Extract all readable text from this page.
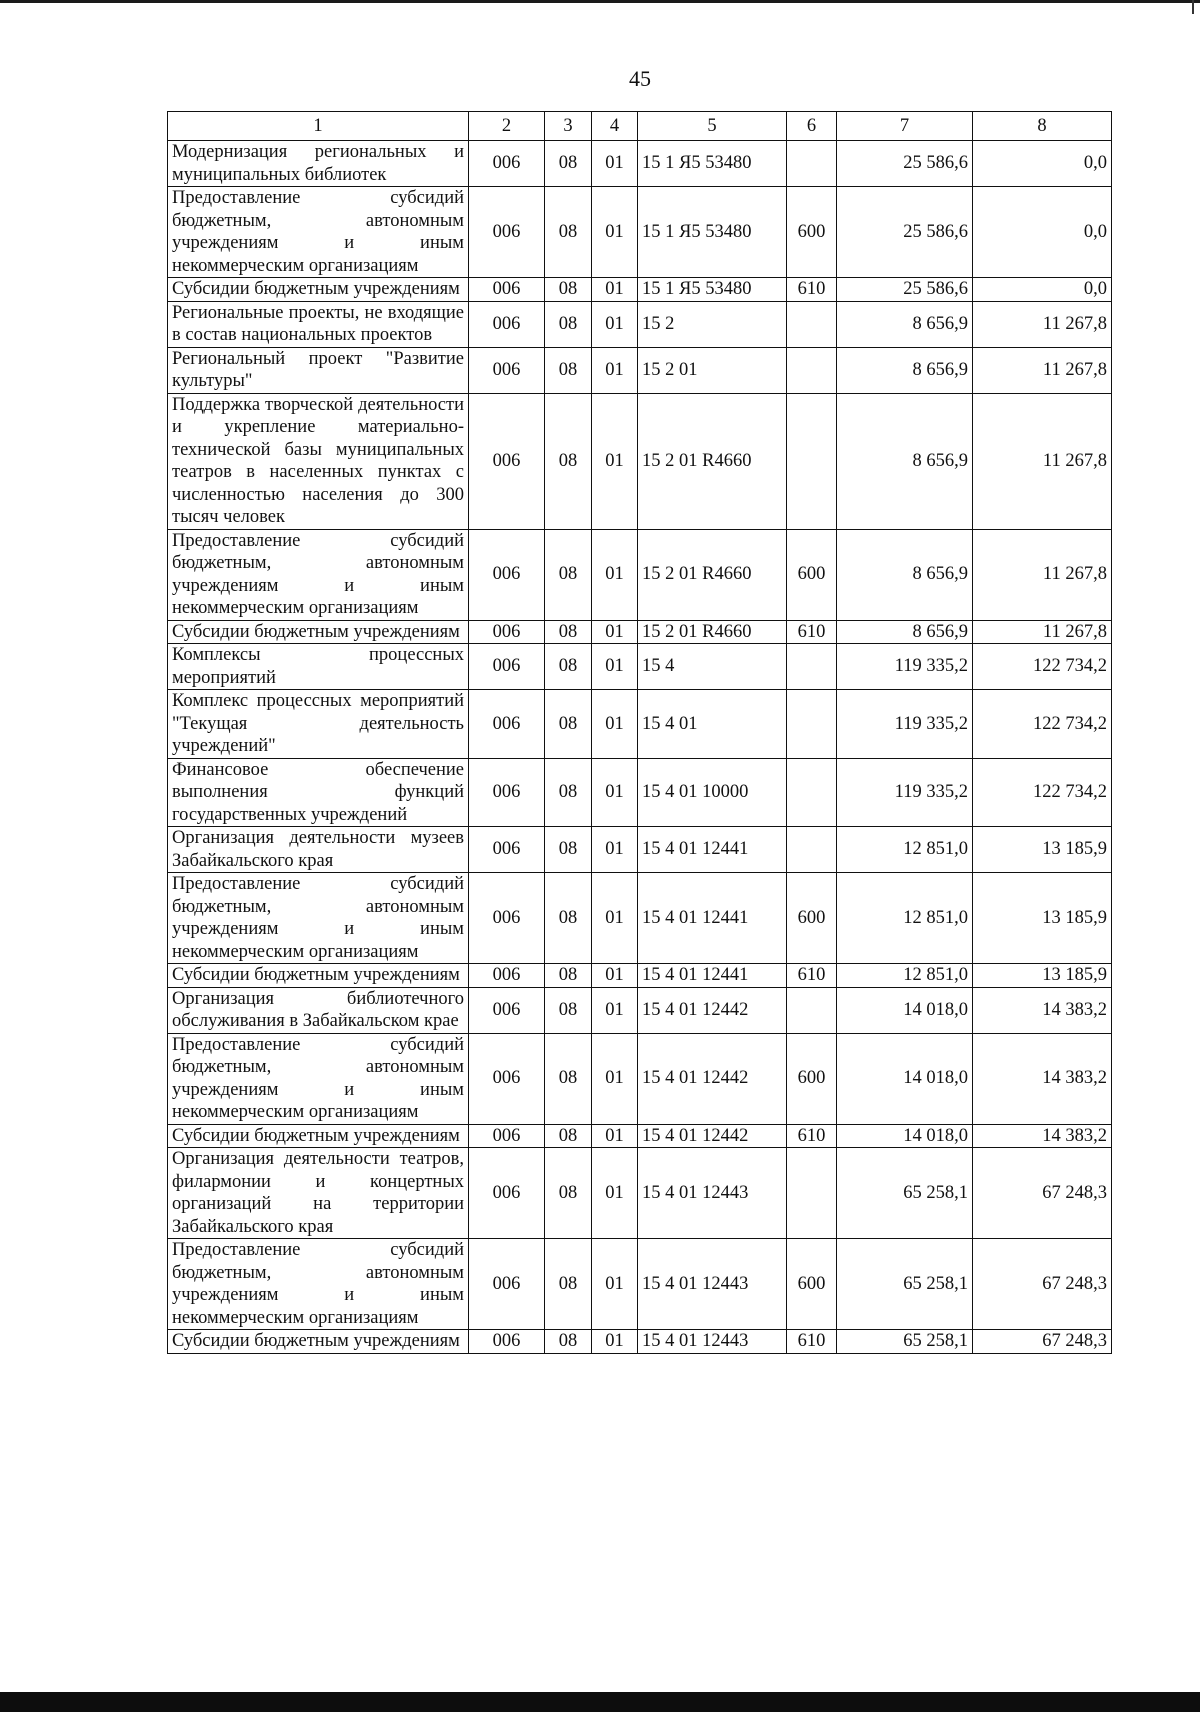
45
1	2	3	4	5	6	7	8
Модернизация региональных и муниципальных библиотек	006	08	01	15 1 Я5 53480		25 586,6	0,0
Предоставление субсидий бюджетным, автономным учреждениям и иным некоммерческим организациям	006	08	01	15 1 Я5 53480	600	25 586,6	0,0
Субсидии бюджетным учреждениям	006	08	01	15 1 Я5 53480	610	25 586,6	0,0
Региональные проекты, не входящие в состав национальных проектов	006	08	01	15 2		8 656,9	11 267,8
Региональный проект "Развитие культуры"	006	08	01	15 2 01		8 656,9	11 267,8
Поддержка творческой деятельности и укрепление материально-технической базы муниципальных театров в населенных пунктах с численностью населения до 300 тысяч человек	006	08	01	15 2 01 R4660		8 656,9	11 267,8
Предоставление субсидий бюджетным, автономным учреждениям и иным некоммерческим организациям	006	08	01	15 2 01 R4660	600	8 656,9	11 267,8
Субсидии бюджетным учреждениям	006	08	01	15 2 01 R4660	610	8 656,9	11 267,8
Комплексы процессных мероприятий	006	08	01	15 4		119 335,2	122 734,2
Комплекс процессных мероприятий "Текущая деятельность учреждений"	006	08	01	15 4 01		119 335,2	122 734,2
Финансовое обеспечение выполнения функций государственных учреждений	006	08	01	15 4 01 10000		119 335,2	122 734,2
Организация деятельности музеев Забайкальского края	006	08	01	15 4 01 12441		12 851,0	13 185,9
Предоставление субсидий бюджетным, автономным учреждениям и иным некоммерческим организациям	006	08	01	15 4 01 12441	600	12 851,0	13 185,9
Субсидии бюджетным учреждениям	006	08	01	15 4 01 12441	610	12 851,0	13 185,9
Организация библиотечного обслуживания в Забайкальском крае	006	08	01	15 4 01 12442		14 018,0	14 383,2
Предоставление субсидий бюджетным, автономным учреждениям и иным некоммерческим организациям	006	08	01	15 4 01 12442	600	14 018,0	14 383,2
Субсидии бюджетным учреждениям	006	08	01	15 4 01 12442	610	14 018,0	14 383,2
Организация деятельности театров, филармонии и концертных организаций на территории Забайкальского края	006	08	01	15 4 01 12443		65 258,1	67 248,3
Предоставление субсидий бюджетным, автономным учреждениям и иным некоммерческим организациям	006	08	01	15 4 01 12443	600	65 258,1	67 248,3
Субсидии бюджетным учреждениям	006	08	01	15 4 01 12443	610	65 258,1	67 248,3
